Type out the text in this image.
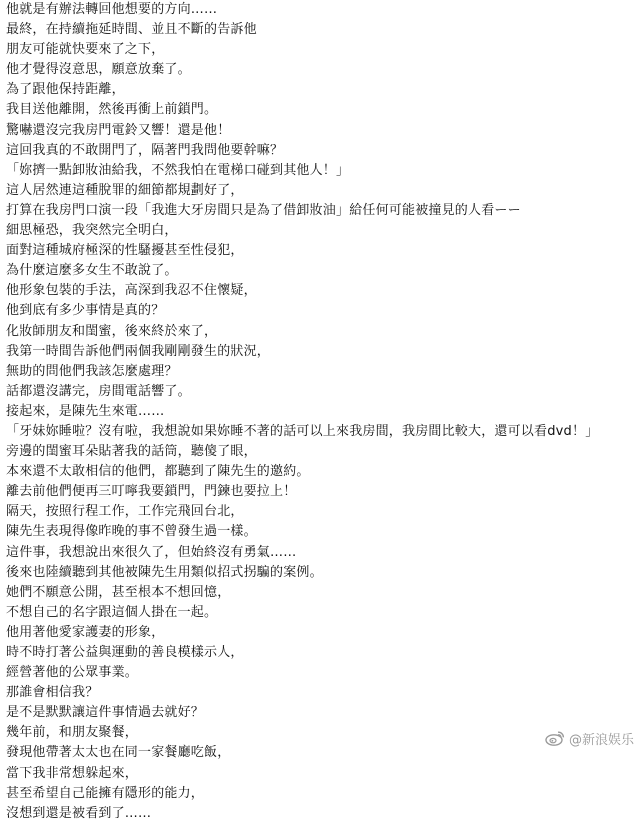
他就是有辦法轉回他想要的方向……
最終，在持續拖延時間、並且不斷的告訴他
朋友可能就快要來了之下，
他才覺得沒意思，願意放棄了。
為了跟他保持距離，
我目送他離開，然後再衝上前鎖門。
驚嚇還沒完我房門電鈴又響！還是他！
這回我真的不敢開門了，隔著門我問他要幹嘛？
「妳擠一點卸妝油給我，不然我怕在電梯口碰到其他人！」
這人居然連這種脫罪的細節都規劃好了，
打算在我房門口演一段「我進大牙房間只是為了借卸妝油」給任何可能被撞見的人看ーー
細思極恐，我突然完全明白，
面對這種城府極深的性騷擾甚至性侵犯，
為什麼這麼多女生不敢說了。
他形象包裝的手法，高深到我忍不住懷疑，
他到底有多少事情是真的？
化妝師朋友和閨蜜，後來終於來了，
我第一時間告訴他們兩個我剛剛發生的狀況，
無助的問他們我該怎麼處理？
話都還沒講完，房間電話響了。
接起來，是陳先生來電……
「牙妹妳睡啦？沒有啦，我想說如果妳睡不著的話可以上來我房間，我房間比較大，還可以看dvd！」
旁邊的閨蜜耳朵貼著我的話筒，聽傻了眼，
本來還不太敢相信的他們，都聽到了陳先生的邀約。
離去前他們便再三叮嚀我要鎖門，門鍊也要拉上！
隔天，按照行程工作，工作完飛回台北，
陳先生表現得像昨晚的事不曾發生過一樣。
這件事，我想說出來很久了，但始終沒有勇氣……
後來也陸續聽到其他被陳先生用類似招式拐騙的案例。
她們不願意公開，甚至根本不想回憶，
不想自己的名字跟這個人掛在一起。
他用著他愛家護妻的形象，
時不時打著公益與運動的善良模樣示人，
經營著他的公眾事業。
那誰會相信我？
是不是默默讓這件事情過去就好？
幾年前，和朋友聚餐，
發現他帶著太太也在同一家餐廳吃飯，
當下我非常想躲起來，
甚至希望自己能擁有隱形的能力，
沒想到還是被看到了……
@新浪娱乐
